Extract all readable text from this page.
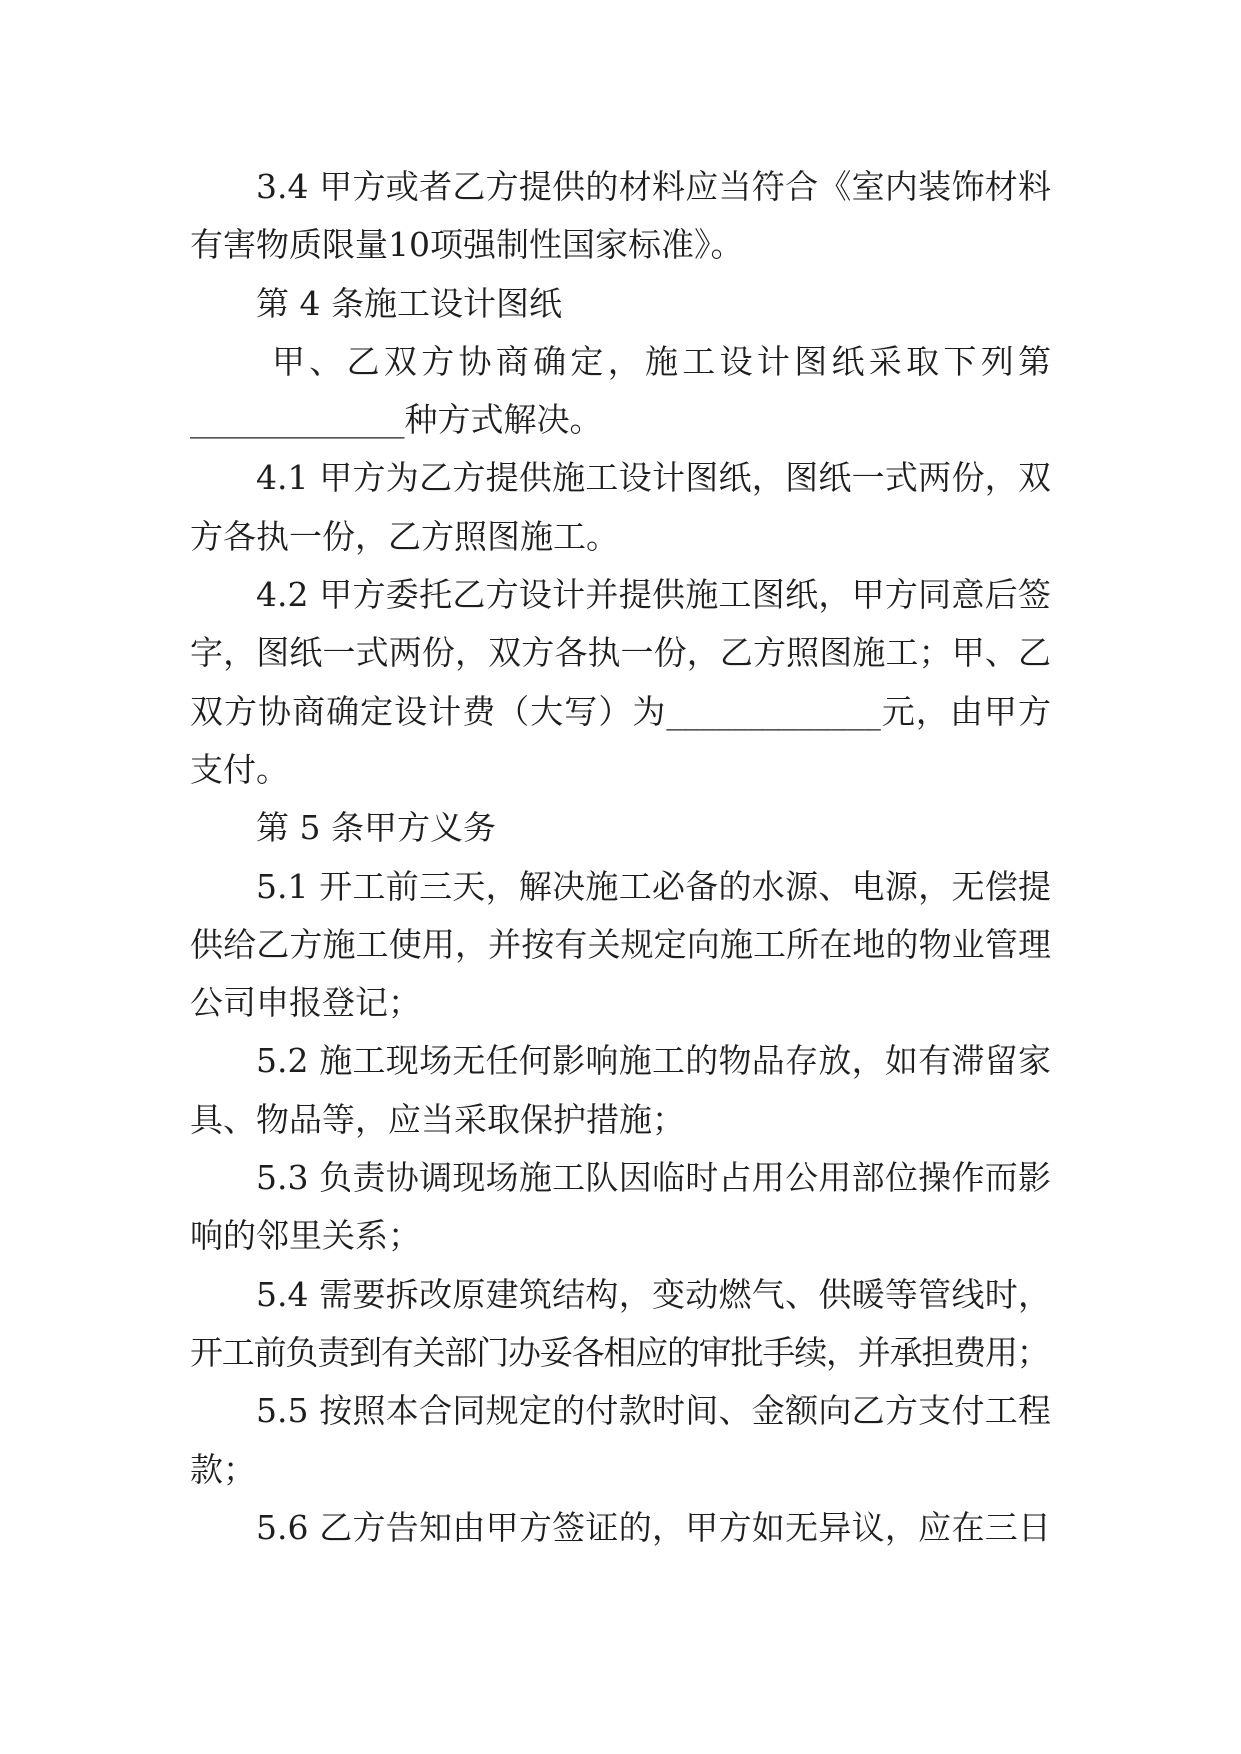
3.4 甲方或者乙方提供的材料应当符合《室内装饰材料
有害物质限量10项强制性国家标准》。
第 4 条施工设计图纸
甲、乙双方协商确定，施工设计图纸采取下列第
_____________种方式解决。
4.1 甲方为乙方提供施工设计图纸，图纸一式两份，双
方各执一份，乙方照图施工。
4.2 甲方委托乙方设计并提供施工图纸，甲方同意后签
字，图纸一式两份，双方各执一份，乙方照图施工；甲、乙
双方协商确定设计费（大写）为_____________元，由甲方
支付。
第 5 条甲方义务
5.1 开工前三天，解决施工必备的水源、电源，无偿提
供给乙方施工使用，并按有关规定向施工所在地的物业管理
公司申报登记；
5.2 施工现场无任何影响施工的物品存放，如有滞留家
具、物品等，应当采取保护措施；
5.3 负责协调现场施工队因临时占用公用部位操作而影
响的邻里关系；
5.4 需要拆改原建筑结构，变动燃气、供暖等管线时，
开工前负责到有关部门办妥各相应的审批手续，并承担费用；
5.5 按照本合同规定的付款时间、金额向乙方支付工程
款；
5.6 乙方告知由甲方签证的，甲方如无异议，应在三日
